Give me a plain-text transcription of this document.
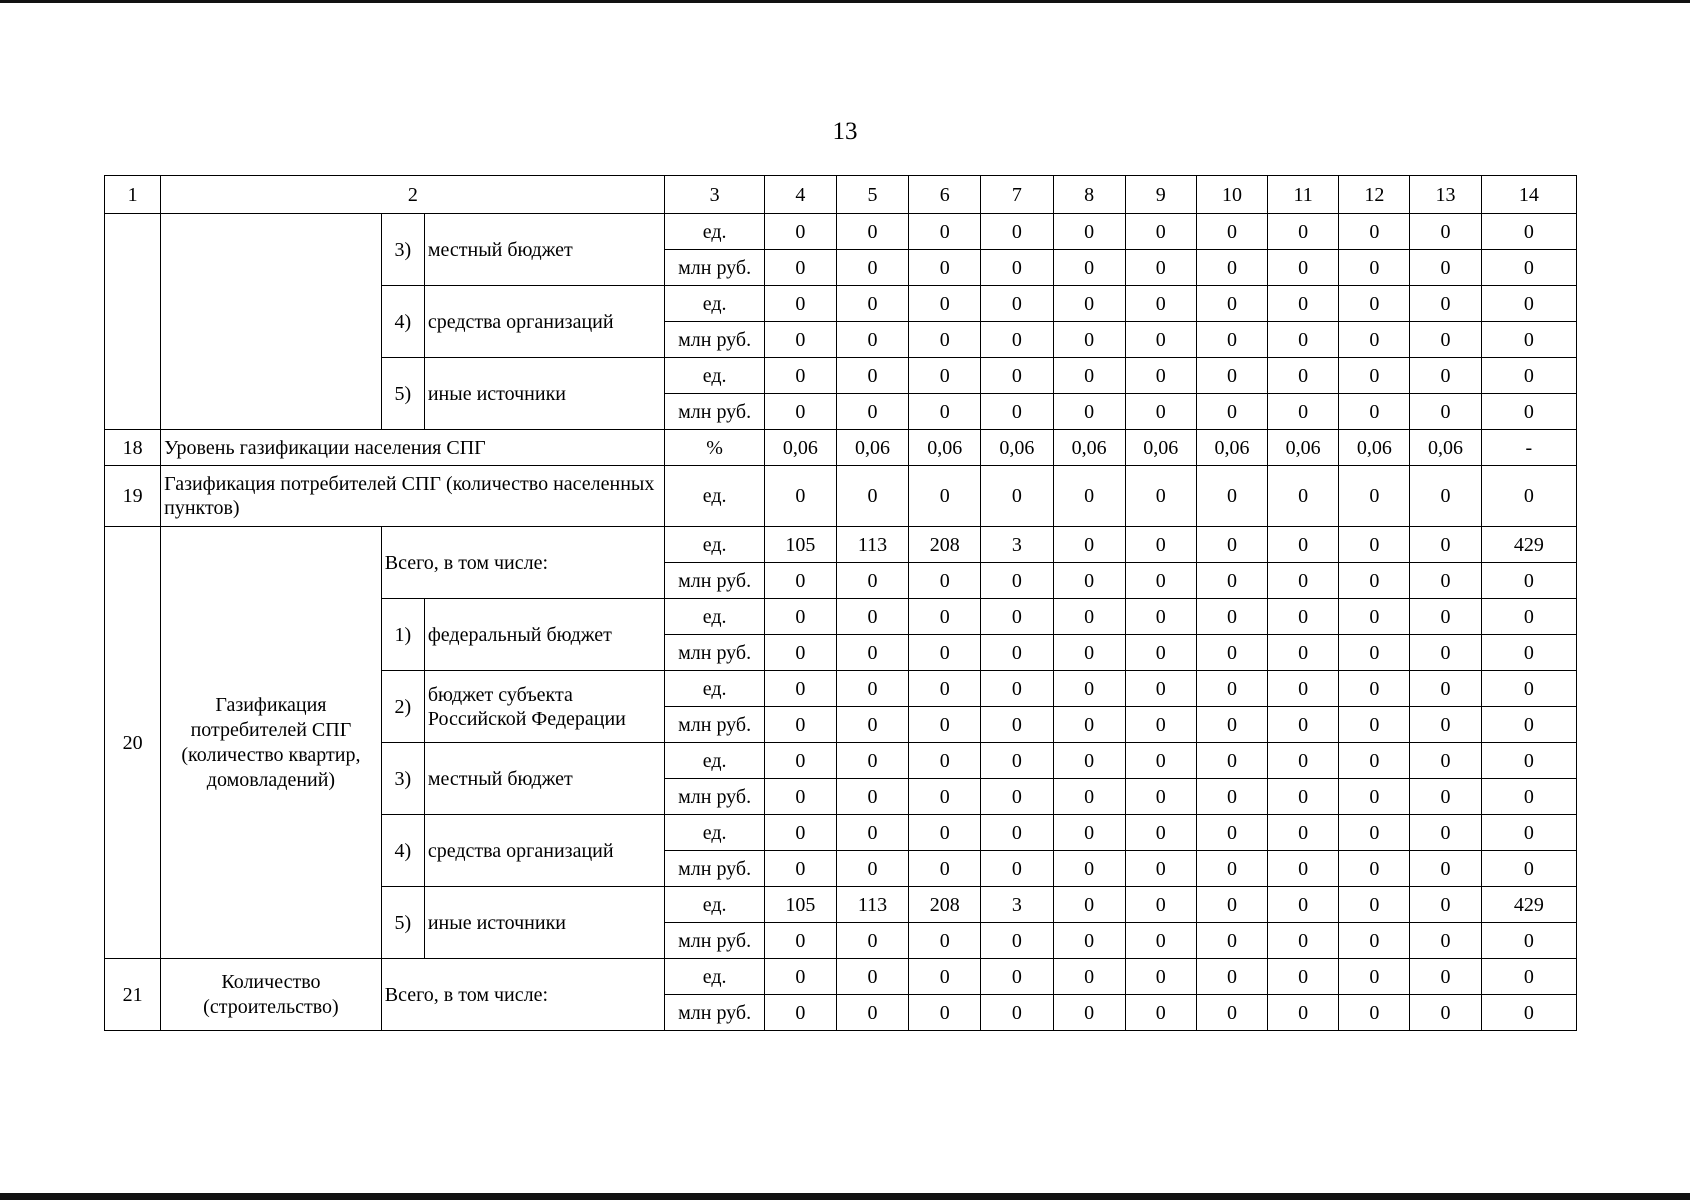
13
1	2			3	4	5	6	7	8	9	10	11	12	13	14
		3)	местный бюджет	ед.	0	0	0	0	0	0	0	0	0	0	0
				млн руб.	0	0	0	0	0	0	0	0	0	0	0
		4)	средства организаций	ед.	0	0	0	0	0	0	0	0	0	0	0
				млн руб.	0	0	0	0	0	0	0	0	0	0	0
		5)	иные источники	ед.	0	0	0	0	0	0	0	0	0	0	0
				млн руб.	0	0	0	0	0	0	0	0	0	0	0
18	Уровень газификации населения СПГ			%	0,06	0,06	0,06	0,06	0,06	0,06	0,06	0,06	0,06	0,06	-
19	Газификация потребителей СПГ (количество населенных пунктов)			ед.	0	0	0	0	0	0	0	0	0	0	0
20	Газификация потребителей СПГ (количество квартир, домовладений)	Всего, в том числе:		ед.	105	113	208	3	0	0	0	0	0	0	429
				млн руб.	0	0	0	0	0	0	0	0	0	0	0
		1)	федеральный бюджет	ед.	0	0	0	0	0	0	0	0	0	0	0
				млн руб.	0	0	0	0	0	0	0	0	0	0	0
		2)	бюджет субъекта Российской Федерации	ед.	0	0	0	0	0	0	0	0	0	0	0
				млн руб.	0	0	0	0	0	0	0	0	0	0	0
		3)	местный бюджет	ед.	0	0	0	0	0	0	0	0	0	0	0
				млн руб.	0	0	0	0	0	0	0	0	0	0	0
		4)	средства организаций	ед.	0	0	0	0	0	0	0	0	0	0	0
				млн руб.	0	0	0	0	0	0	0	0	0	0	0
		5)	иные источники	ед.	105	113	208	3	0	0	0	0	0	0	429
				млн руб.	0	0	0	0	0	0	0	0	0	0	0
21	Количество (строительство)	Всего, в том числе:		ед.	0	0	0	0	0	0	0	0	0	0	0
				млн руб.	0	0	0	0	0	0	0	0	0	0	0
